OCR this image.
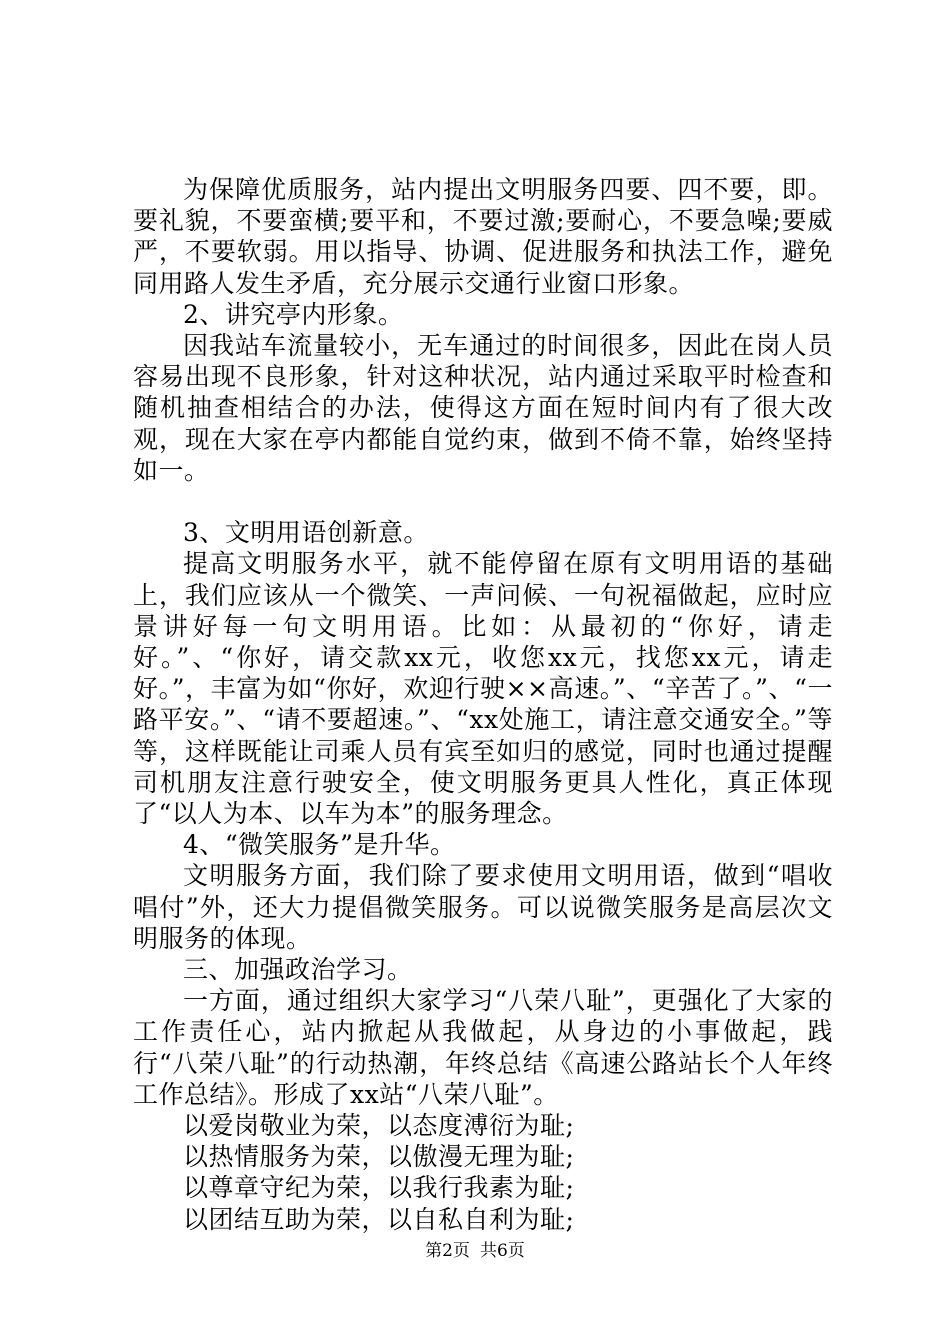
为保障优质服务，站内提出文明服务四要、四不要，即。要礼貌，不要蛮横;要平和，不要过激;要耐心，不要急噪;要威严，不要软弱。用以指导、协调、促进服务和执法工作，避免同用路人发生矛盾，充分展示交通行业窗口形象。

2、讲究亭内形象。

因我站车流量较小，无车通过的时间很多，因此在岗人员容易出现不良形象，针对这种状况，站内通过采取平时检查和随机抽查相结合的办法，使得这方面在短时间内有了很大改观，现在大家在亭内都能自觉约束，做到不倚不靠，始终坚持如一。

3、文明用语创新意。

提高文明服务水平，就不能停留在原有文明用语的基础上，我们应该从一个微笑、一声问候、一句祝福做起，应时应景讲好每一句文明用语。比如：从最初的“你好，请走好。”、“你好，请交款xx元，收您xx元，找您xx元，请走好。”，丰富为如“你好，欢迎行驶××高速。”、“辛苦了。”、“一路平安。”、“请不要超速。”、“xx处施工，请注意交通安全。”等等，这样既能让司乘人员有宾至如归的感觉，同时也通过提醒司机朋友注意行驶安全，使文明服务更具人性化，真正体现了“以人为本、以车为本”的服务理念。

4、“微笑服务”是升华。

文明服务方面，我们除了要求使用文明用语，做到“唱收唱付”外，还大力提倡微笑服务。可以说微笑服务是高层次文明服务的体现。

三、加强政治学习。

一方面，通过组织大家学习“八荣八耻”，更强化了大家的工作责任心，站内掀起从我做起，从身边的小事做起，践行“八荣八耻”的行动热潮，年终总结《高速公路站长个人年终工作总结》。形成了xx站“八荣八耻”。

以爱岗敬业为荣，以态度溥衍为耻;

以热情服务为荣，以傲漫无理为耻;

以尊章守纪为荣，以我行我素为耻;

以团结互助为荣，以自私自利为耻;

第2页 共6页
